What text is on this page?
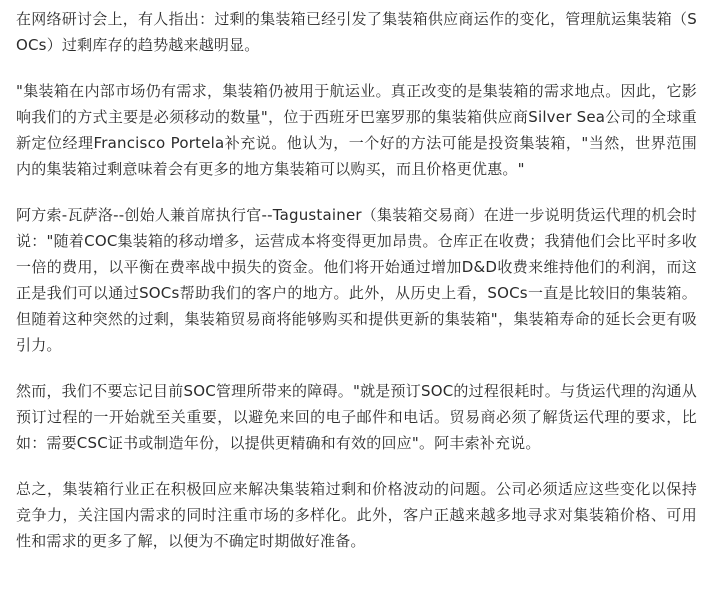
在网络研讨会上，有人指出：过剩的集装箱已经引发了集装箱供应商运作的变化，管理航运集装箱（SOCs）过剩库存的趋势越来越明显。

"集装箱在内部市场仍有需求，集装箱仍被用于航运业。真正改变的是集装箱的需求地点。因此，它影响我们的方式主要是必须移动的数量"，位于西班牙巴塞罗那的集装箱供应商Silver Sea公司的全球重新定位经理Francisco Portela补充说。他认为，一个好的方法可能是投资集装箱，"当然，世界范围内的集装箱过剩意味着会有更多的地方集装箱可以购买，而且价格更优惠。"

阿方索-瓦萨洛--创始人兼首席执行官--Tagustainer（集装箱交易商）在进一步说明货运代理的机会时说："随着COC集装箱的移动增多，运营成本将变得更加昂贵。仓库正在收费；我猜他们会比平时多收一倍的费用，以平衡在费率战中损失的资金。他们将开始通过增加D&D收费来维持他们的利润，而这正是我们可以通过SOCs帮助我们的客户的地方。此外，从历史上看，SOCs一直是比较旧的集装箱。但随着这种突然的过剩，集装箱贸易商将能够购买和提供更新的集装箱"，集装箱寿命的延长会更有吸引力。

然而，我们不要忘记目前SOC管理所带来的障碍。"就是预订SOC的过程很耗时。与货运代理的沟通从预订过程的一开始就至关重要，以避免来回的电子邮件和电话。贸易商必须了解货运代理的要求，比如：需要CSC证书或制造年份，以提供更精确和有效的回应"。阿丰索补充说。

总之，集装箱行业正在积极回应来解决集装箱过剩和价格波动的问题。公司必须适应这些变化以保持竞争力，关注国内需求的同时注重市场的多样化。此外，客户正越来越多地寻求对集装箱价格、可用性和需求的更多了解，以便为不确定时期做好准备。
